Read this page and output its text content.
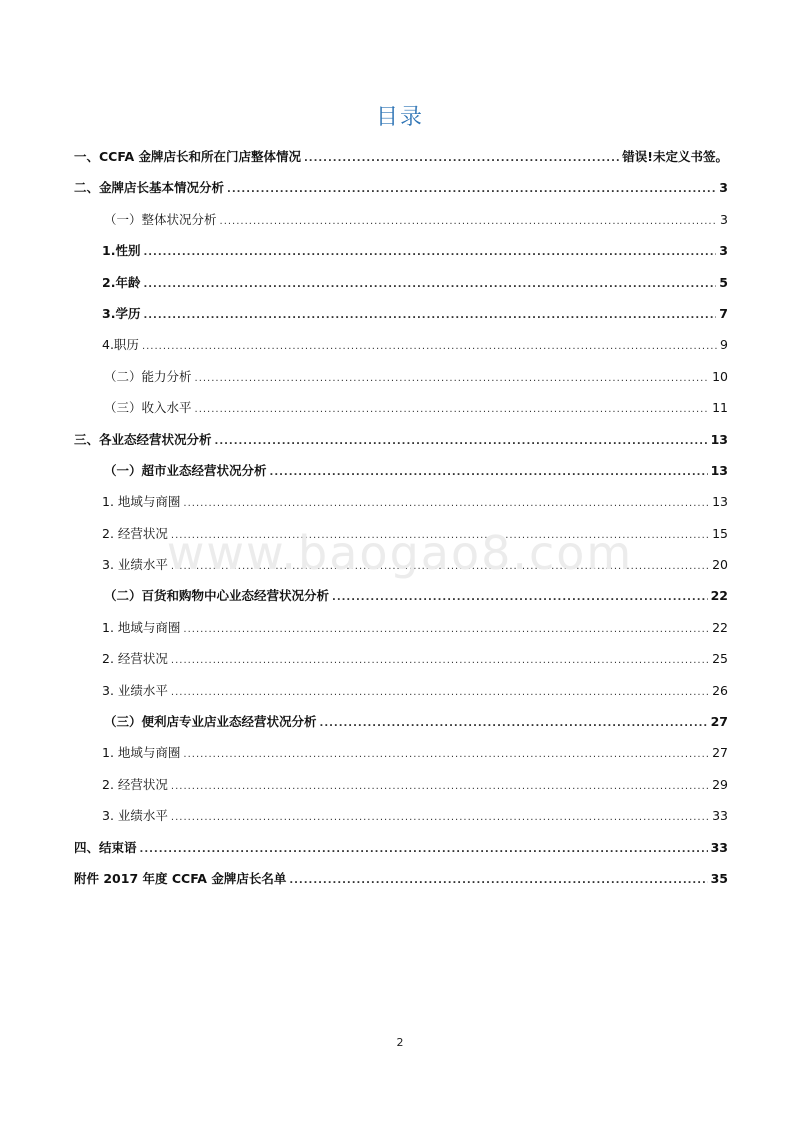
目录
一、CCFA 金牌店长和所在门店整体情况 .....	错误!未定义书签。
二、金牌店长基本情况分析 .....	3
（一）整体状况分析 .....	3
1.性别 .....	3
2.年龄 .....	5
3.学历 .....	7
4.职历 .....	9
（二）能力分析 .....	10
（三）收入水平 .....	11
三、各业态经营状况分析 .....	13
（一）超市业态经营状况分析 .....	13
1. 地域与商圈 .....	13
2. 经营状况 .....	15
3. 业绩水平 .....	20
（二）百货和购物中心业态经营状况分析 .....	22
1. 地域与商圈 .....	22
2. 经营状况 .....	25
3. 业绩水平 .....	26
（三）便利店专业店业态经营状况分析 .....	27
1. 地域与商圈 .....	27
2. 经营状况 .....	29
3. 业绩水平 .....	33
四、结束语 .....	33
附件 2017 年度 CCFA 金牌店长名单 .....	35
www.baogao8.com
2
